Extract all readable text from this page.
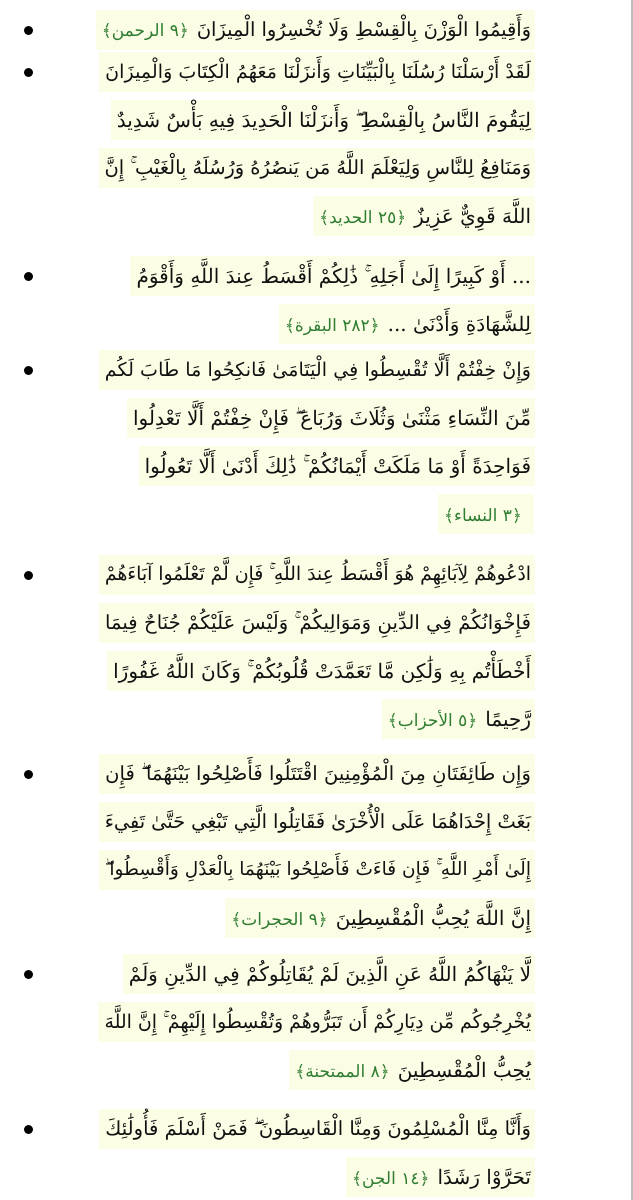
وَأَقِيمُوا الْوَزْنَ بِالْقِسْطِ وَلَا تُخْسِرُوا الْمِيزَانَ﴿٩ الرحمن﴾
لَقَدْ أَرْسَلْنَا رُسُلَنَا بِالْبَيِّنَاتِ وَأَنزَلْنَا مَعَهُمُ الْكِتَابَ وَالْمِيزَانَ
لِيَقُومَ النَّاسُ بِالْقِسْطِ ۖ وَأَنزَلْنَا الْحَدِيدَ فِيهِ بَأْسٌ شَدِيدٌ
وَمَنَافِعُ لِلنَّاسِ وَلِيَعْلَمَ اللَّهُ مَن يَنصُرُهُ وَرُسُلَهُ بِالْغَيْبِ ۚ إِنَّ
اللَّهَ قَوِيٌّ عَزِيزٌ﴿٢٥ الحديد﴾
... أَوْ كَبِيرًا إِلَىٰ أَجَلِهِ ۚ ذَٰلِكُمْ أَقْسَطُ عِندَ اللَّهِ وَأَقْوَمُ
لِلشَّهَادَةِ وَأَدْنَىٰ ...﴿٢٨٢ البقرة﴾
وَإِنْ خِفْتُمْ أَلَّا تُقْسِطُوا فِي الْيَتَامَىٰ فَانكِحُوا مَا طَابَ لَكُم
مِّنَ النِّسَاءِ مَثْنَىٰ وَثُلَاثَ وَرُبَاعَ ۖ فَإِنْ خِفْتُمْ أَلَّا تَعْدِلُوا
فَوَاحِدَةً أَوْ مَا مَلَكَتْ أَيْمَانُكُمْ ۚ ذَٰلِكَ أَدْنَىٰ أَلَّا تَعُولُوا
﴿٣ النساء﴾
ادْعُوهُمْ لِآبَائِهِمْ هُوَ أَقْسَطُ عِندَ اللَّهِ ۚ فَإِن لَّمْ تَعْلَمُوا آبَاءَهُمْ
فَإِخْوَانُكُمْ فِي الدِّينِ وَمَوَالِيكُمْ ۚ وَلَيْسَ عَلَيْكُمْ جُنَاحٌ فِيمَا
أَخْطَأْتُم بِهِ وَلَٰكِن مَّا تَعَمَّدَتْ قُلُوبُكُمْ ۚ وَكَانَ اللَّهُ غَفُورًا
رَّحِيمًا﴿٥ الأحزاب﴾
وَإِن طَائِفَتَانِ مِنَ الْمُؤْمِنِينَ اقْتَتَلُوا فَأَصْلِحُوا بَيْنَهُمَا ۖ فَإِن
بَغَتْ إِحْدَاهُمَا عَلَى الْأُخْرَىٰ فَقَاتِلُوا الَّتِي تَبْغِي حَتَّىٰ تَفِيءَ
إِلَىٰ أَمْرِ اللَّهِ ۚ فَإِن فَاءَتْ فَأَصْلِحُوا بَيْنَهُمَا بِالْعَدْلِ وَأَقْسِطُوا ۖ
إِنَّ اللَّهَ يُحِبُّ الْمُقْسِطِينَ﴿٩ الحجرات﴾
لَّا يَنْهَاكُمُ اللَّهُ عَنِ الَّذِينَ لَمْ يُقَاتِلُوكُمْ فِي الدِّينِ وَلَمْ
يُخْرِجُوكُم مِّن دِيَارِكُمْ أَن تَبَرُّوهُمْ وَتُقْسِطُوا إِلَيْهِمْ ۚ إِنَّ اللَّهَ
يُحِبُّ الْمُقْسِطِينَ﴿٨ الممتحنة﴾
وَأَنَّا مِنَّا الْمُسْلِمُونَ وَمِنَّا الْقَاسِطُونَ ۖ فَمَنْ أَسْلَمَ فَأُولَٰئِكَ
تَحَرَّوْا رَشَدًا﴿١٤ الجن﴾
